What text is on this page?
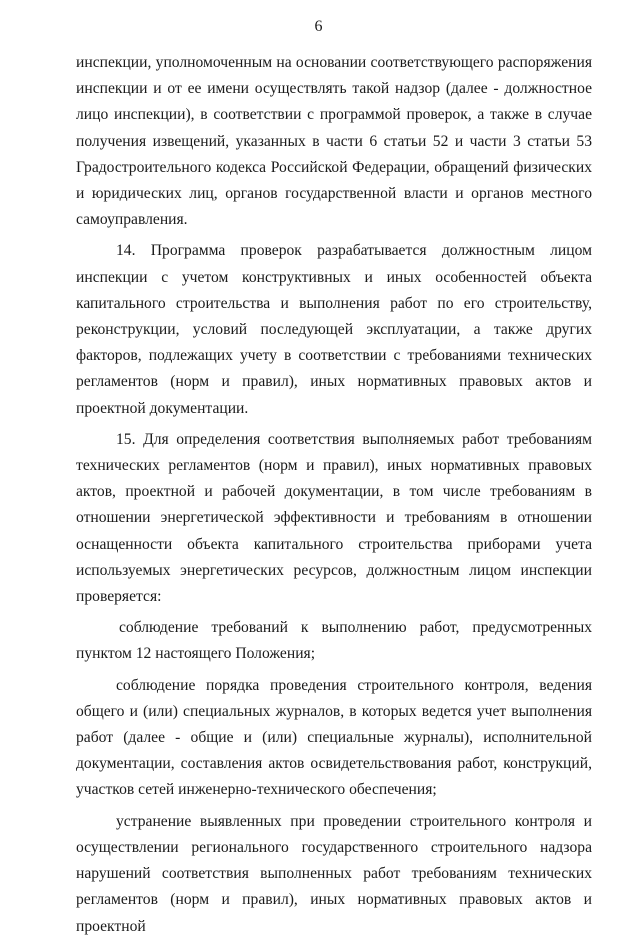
6

инспекции, уполномоченным на основании соответствующего распоряжения инспекции и от ее имени осуществлять такой надзор (далее - должностное лицо инспекции), в соответствии с программой проверок, а также в случае получения извещений, указанных в части 6 статьи 52 и части 3 статьи 53 Градостроительного кодекса Российской Федерации, обращений физических и юридических лиц, органов государственной власти и органов местного самоуправления.

14. Программа проверок разрабатывается должностным лицом инспекции с учетом конструктивных и иных особенностей объекта капитального строительства и выполнения работ по его строительству, реконструкции, условий последующей эксплуатации, а также других факторов, подлежащих учету в соответствии с требованиями технических регламентов (норм и правил), иных нормативных правовых актов и проектной документации.

15. Для определения соответствия выполняемых работ требованиям технических регламентов (норм и правил), иных нормативных правовых актов, проектной и рабочей документации, в том числе требованиям в отношении энергетической эффективности и требованиям в отношении оснащенности объекта капитального строительства приборами учета используемых энергетических ресурсов, должностным лицом инспекции проверяется:

соблюдение требований к выполнению работ, предусмотренных пунктом 12 настоящего Положения;

соблюдение порядка проведения строительного контроля, ведения общего и (или) специальных журналов, в которых ведется учет выполнения работ (далее - общие и (или) специальные журналы), исполнительной документации, составления актов освидетельствования работ, конструкций, участков сетей инженерно-технического обеспечения;

устранение выявленных при проведении строительного контроля и осуществлении регионального государственного строительного надзора нарушений соответствия выполненных работ требованиям технических регламентов (норм и правил), иных нормативных правовых актов и проектной
